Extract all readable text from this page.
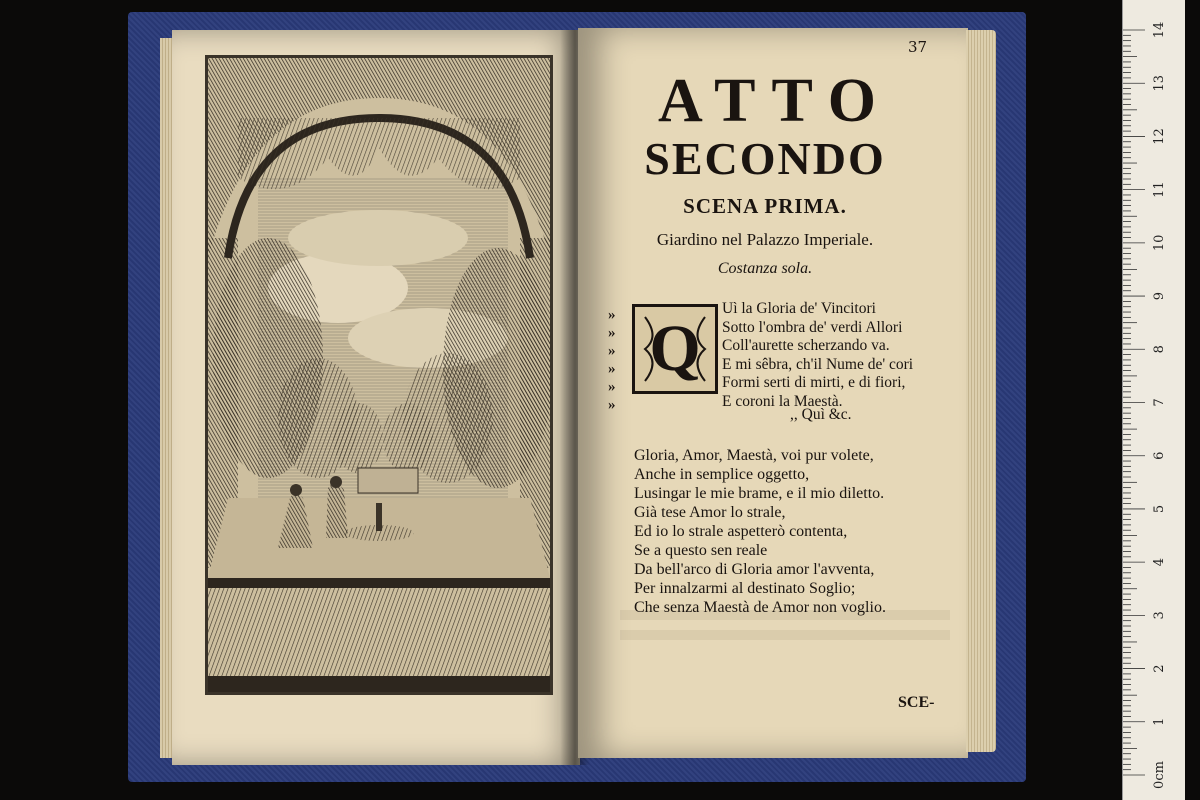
37
ATTO
SECONDO
SCENA PRIMA.
Giardino nel Palazzo Imperiale.
Costanza sola.
Q
»
»
»
»
»
»
Uì la Gloria de' Vincitori
Sotto l'ombra de' verdi Allori
Coll'aurette scherzando va.
E mi sêbra, ch'il Nume de' cori
Formi serti di mirti, e di fiori,
E coroni la Maestà.
,, Quì &c.
Gloria, Amor, Maestà, voi pur volete,
Anche in semplice oggetto,
Lusingar le mie brame, e il mio diletto.
Già tese Amor lo strale,
Ed io lo strale aspetterò contenta,
Se a questo sen reale
Da bell'arco di Gloria amor l'avventa,
Per innalzarmi al destinato Soglio;
Che senza Maestà de Amor non voglio.
SCE-
14
13
12
11
10
9
8
7
6
5
4
3
2
1
0cm
